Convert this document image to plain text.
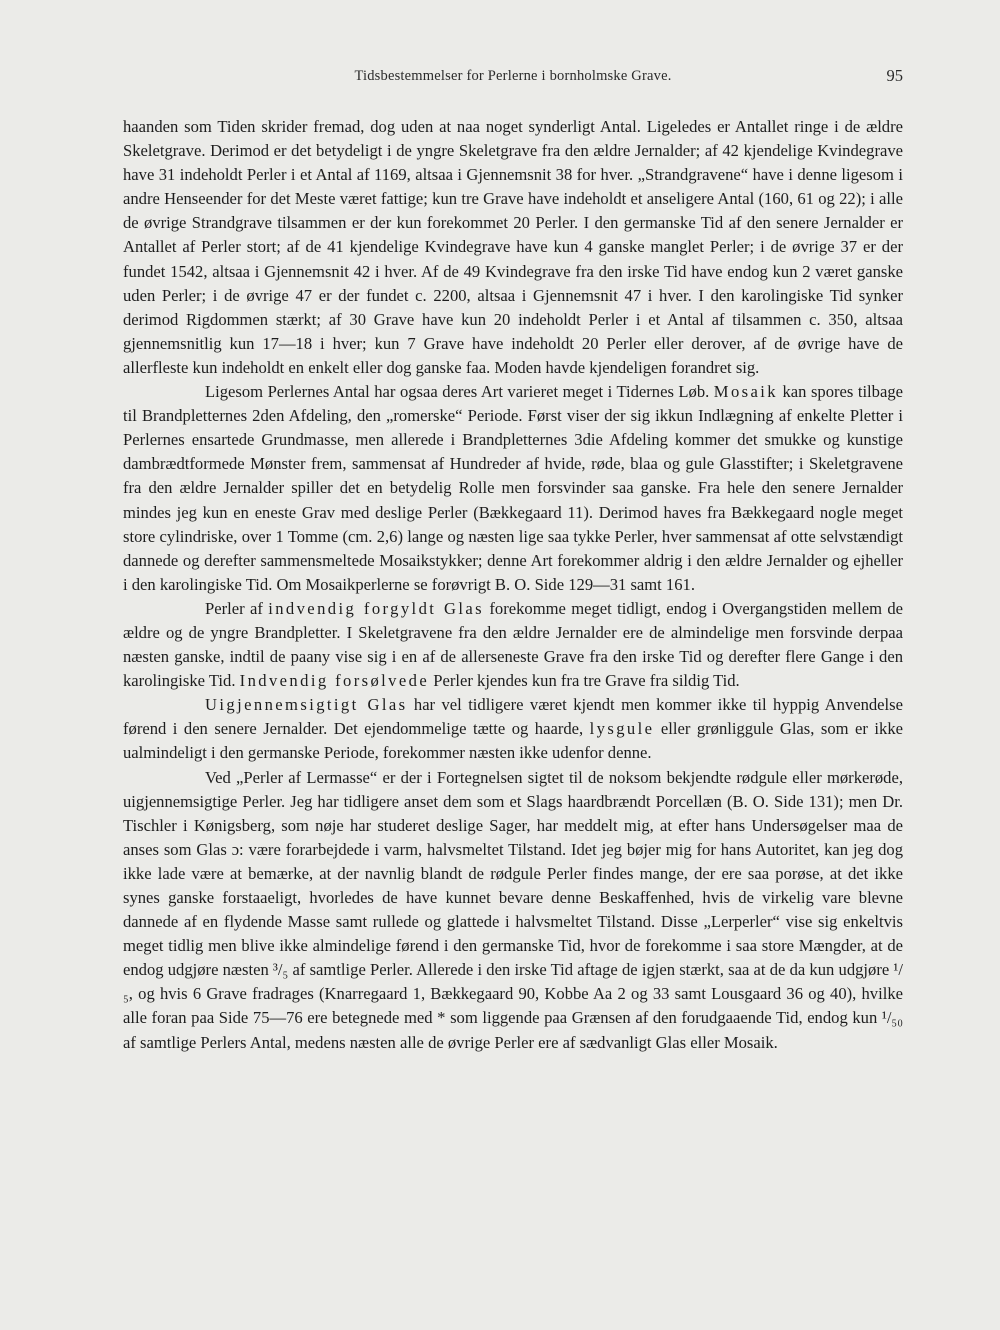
Tidsbestemmelser for Perlerne i bornholmske Grave.	95

haanden som Tiden skrider fremad, dog uden at naa noget synderligt Antal. Ligeledes er Antallet ringe i de ældre Skeletgrave. Derimod er det betydeligt i de yngre Skeletgrave fra den ældre Jernalder; af 42 kjendelige Kvindegrave have 31 indeholdt Perler i et Antal af 1169, altsaa i Gjennemsnit 38 for hver. „Strandgravene“ have i denne ligesom i andre Henseender for det Meste været fattige; kun tre Grave have indeholdt et anseligere Antal (160, 61 og 22); i alle de øvrige Strandgrave tilsammen er der kun forekommet 20 Perler. I den germanske Tid af den senere Jernalder er Antallet af Perler stort; af de 41 kjendelige Kvindegrave have kun 4 ganske manglet Perler; i de øvrige 37 er der fundet 1542, altsaa i Gjennemsnit 42 i hver. Af de 49 Kvindegrave fra den irske Tid have endog kun 2 været ganske uden Perler; i de øvrige 47 er der fundet c. 2200, altsaa i Gjennemsnit 47 i hver. I den karolingiske Tid synker derimod Rigdommen stærkt; af 30 Grave have kun 20 indeholdt Perler i et Antal af tilsammen c. 350, altsaa gjennemsnitlig kun 17—18 i hver; kun 7 Grave have indeholdt 20 Perler eller derover, af de øvrige have de allerfleste kun indeholdt en enkelt eller dog ganske faa. Moden havde kjendeligen forandret sig.

Ligesom Perlernes Antal har ogsaa deres Art varieret meget i Tidernes Løb. Mosaik kan spores tilbage til Brandpletternes 2den Afdeling, den „romerske“ Periode. Først viser der sig ikkun Indlægning af enkelte Pletter i Perlernes ensartede Grundmasse, men allerede i Brandpletternes 3die Afdeling kommer det smukke og kunstige dambrædtformede Mønster frem, sammensat af Hundreder af hvide, røde, blaa og gule Glasstifter; i Skeletgravene fra den ældre Jernalder spiller det en betydelig Rolle men forsvinder saa ganske. Fra hele den senere Jernalder mindes jeg kun en eneste Grav med deslige Perler (Bækkegaard 11). Derimod haves fra Bækkegaard nogle meget store cylindriske, over 1 Tomme (cm. 2,6) lange og næsten lige saa tykke Perler, hver sammensat af otte selvstændigt dannede og derefter sammensmeltede Mosaikstykker; denne Art forekommer aldrig i den ældre Jernalder og ejheller i den karolingiske Tid. Om Mosaikperlerne se forøvrigt B. O. Side 129—31 samt 161.

Perler af indvendig forgyldt Glas forekomme meget tidligt, endog i Overgangstiden mellem de ældre og de yngre Brandpletter. I Skeletgravene fra den ældre Jernalder ere de almindelige men forsvinde derpaa næsten ganske, indtil de paany vise sig i en af de allerseneste Grave fra den irske Tid og derefter flere Gange i den karolingiske Tid. Indvendig forsølvede Perler kjendes kun fra tre Grave fra sildig Tid.

Uigjennemsigtigt Glas har vel tidligere været kjendt men kommer ikke til hyppig Anvendelse førend i den senere Jernalder. Det ejendommelige tætte og haarde, lysgule eller grønliggule Glas, som er ikke ualmindeligt i den germanske Periode, forekommer næsten ikke udenfor denne.

Ved „Perler af Lermasse“ er der i Fortegnelsen sigtet til de noksom bekjendte rødgule eller mørkerøde, uigjennemsigtige Perler. Jeg har tidligere anset dem som et Slags haardbrændt Porcellæn (B. O. Side 131); men Dr. Tischler i Kønigsberg, som nøje har studeret deslige Sager, har meddelt mig, at efter hans Undersøgelser maa de anses som Glas ɔ: være forarbejdede i varm, halvsmeltet Tilstand. Idet jeg bøjer mig for hans Autoritet, kan jeg dog ikke lade være at bemærke, at der navnlig blandt de rødgule Perler findes mange, der ere saa porøse, at det ikke synes ganske forstaaeligt, hvorledes de have kunnet bevare denne Beskaffenhed, hvis de virkelig vare blevne dannede af en flydende Masse samt rullede og glattede i halvsmeltet Tilstand. Disse „Lerperler“ vise sig enkeltvis meget tidlig men blive ikke almindelige førend i den germanske Tid, hvor de forekomme i saa store Mængder, at de endog udgjøre næsten ³/₅ af samtlige Perler. Allerede i den irske Tid aftage de igjen stærkt, saa at de da kun udgjøre ¹/₅, og hvis 6 Grave fradrages (Knarregaard 1, Bækkegaard 90, Kobbe Aa 2 og 33 samt Lousgaard 36 og 40), hvilke alle foran paa Side 75—76 ere betegnede med * som liggende paa Grænsen af den forudgaaende Tid, endog kun ¹/₅₀ af samtlige Perlers Antal, medens næsten alle de øvrige Perler ere af sædvanligt Glas eller Mosaik.
